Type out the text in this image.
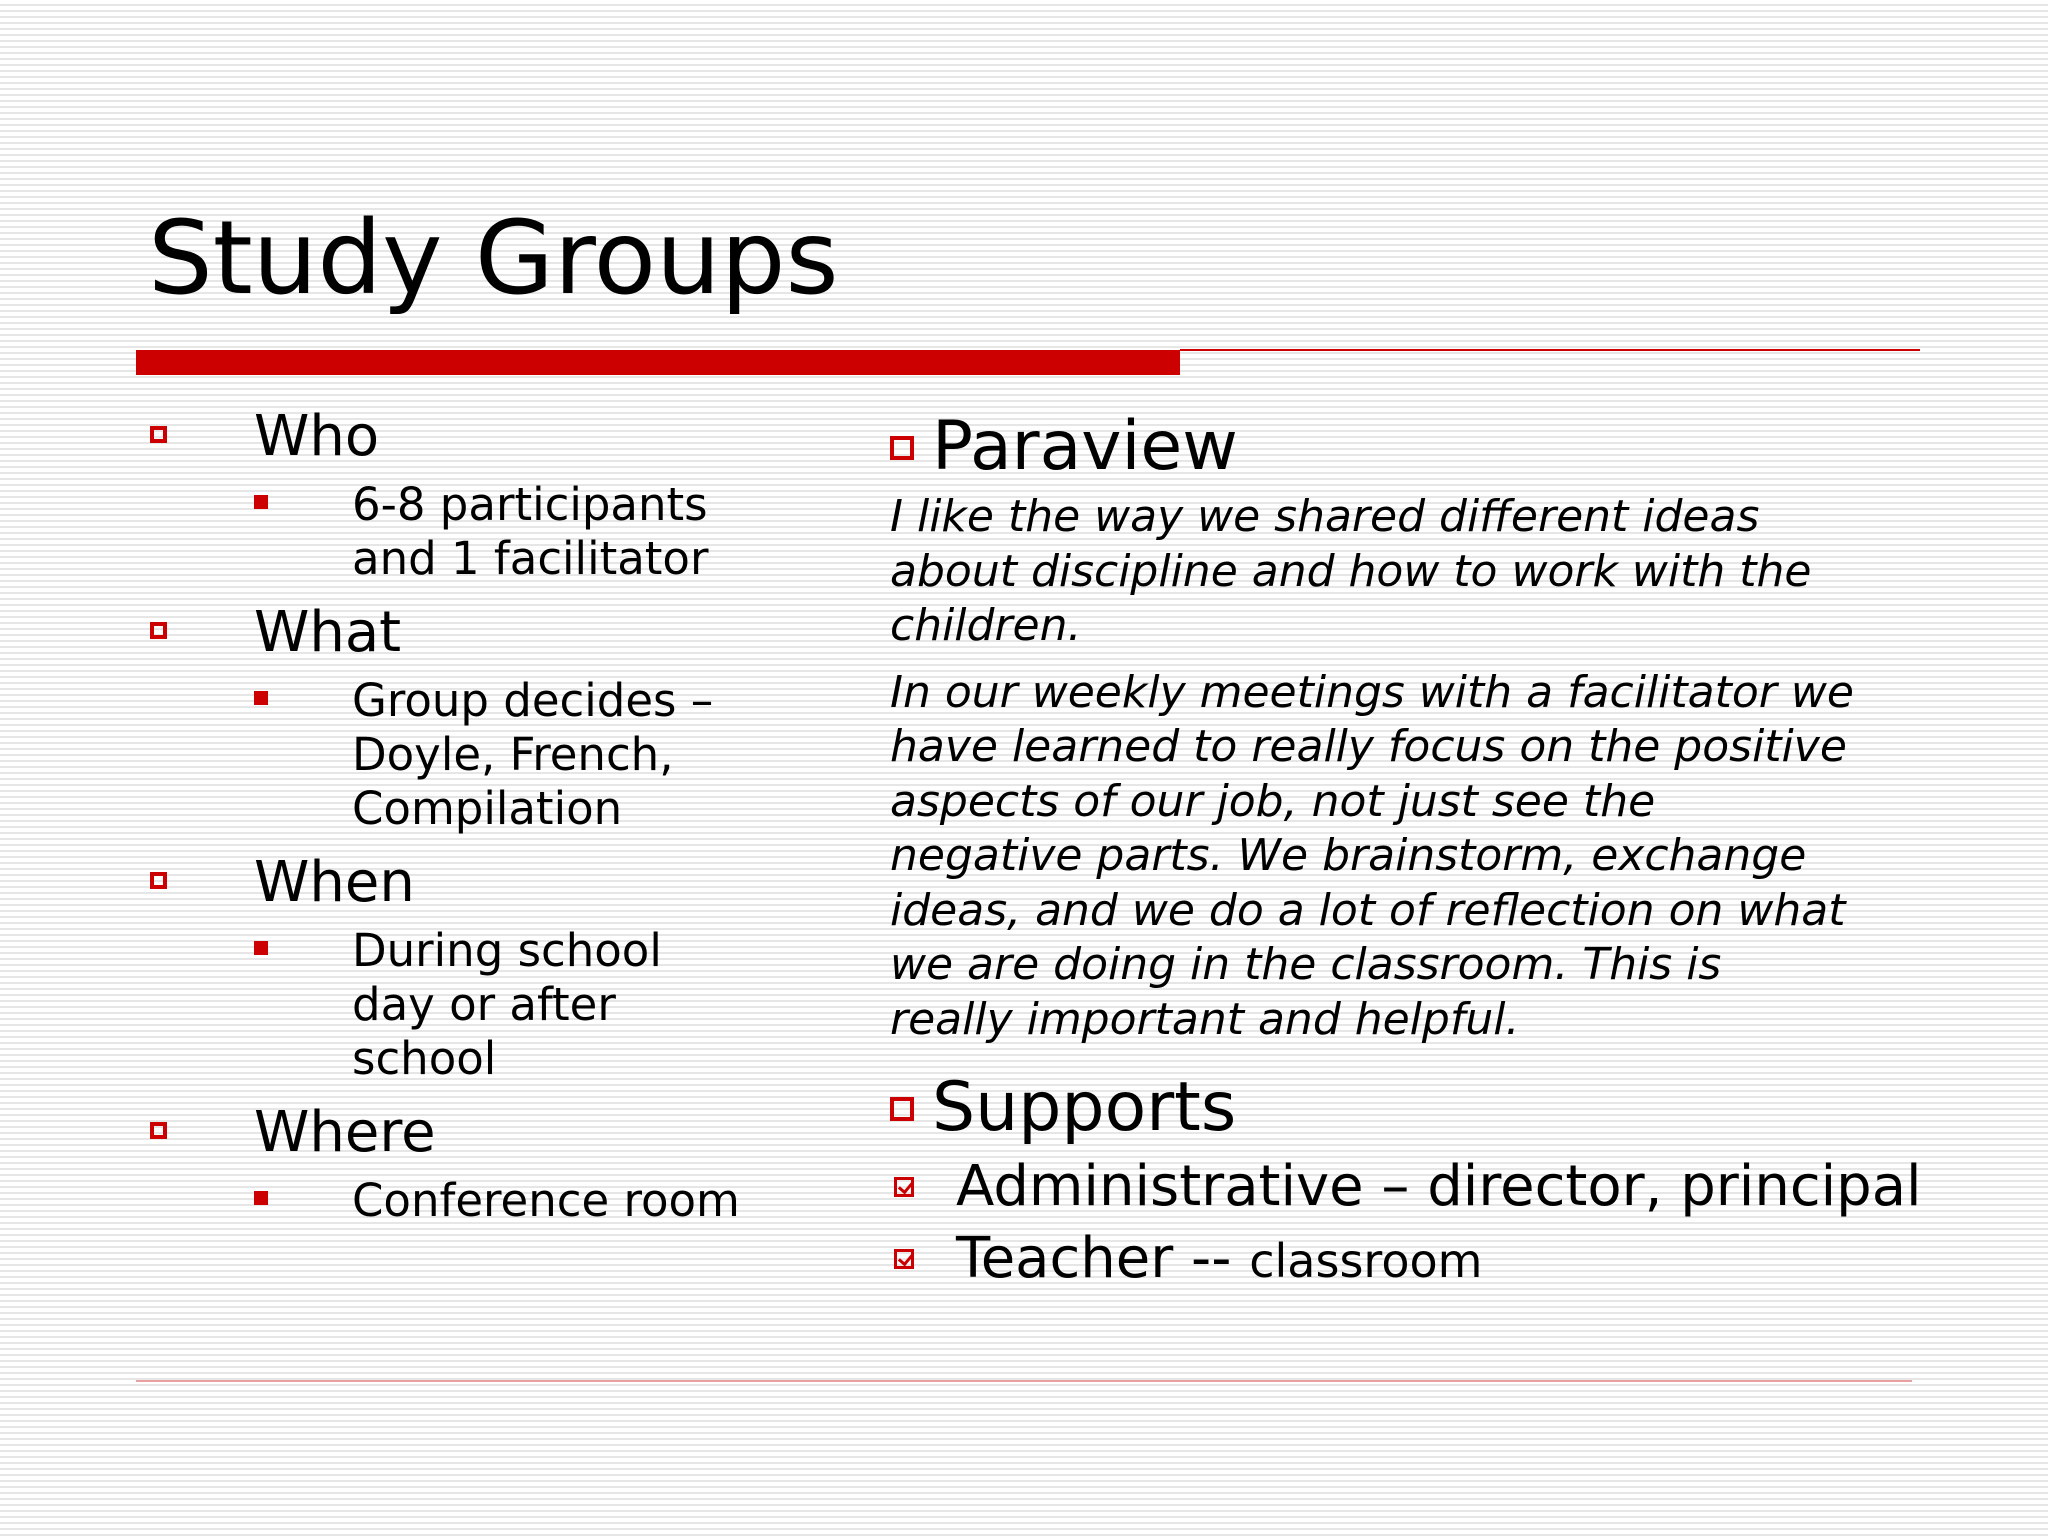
Study Groups
Who
6-8 participants
and 1 facilitator
What
Group decides –
Doyle, French,
Compilation
When
During school
day or after
school
Where
Conference room
Paraview
I like the way we shared different ideas
about discipline and how to work with the
children.
In our weekly meetings with a facilitator we
have learned to really focus on the positive
aspects of our job, not just see the
negative parts. We brainstorm, exchange
ideas, and we do a lot of reflection on what
we are doing in the classroom. This is
really important and helpful.
Supports
Administrative – director, principal
Teacher -- classroom
